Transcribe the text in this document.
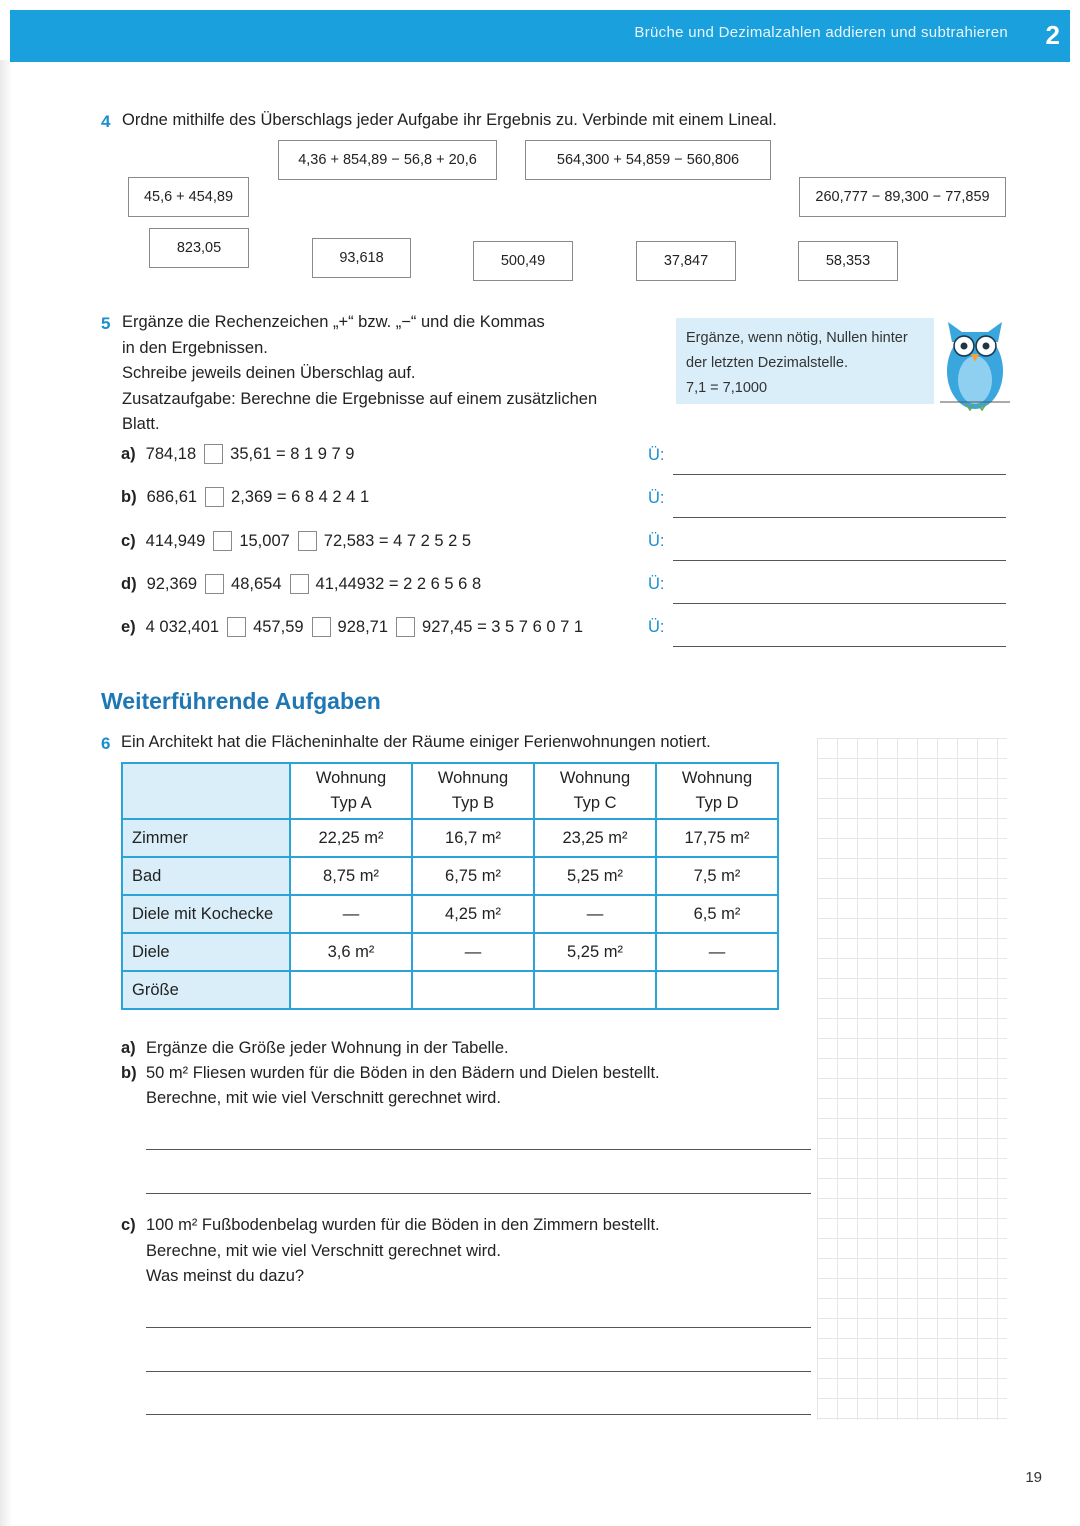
Brüche und Dezimalzahlen addieren und subtrahieren 2
4 Ordne mithilfe des Überschlags jeder Aufgabe ihr Ergebnis zu. Verbinde mit einem Lineal.
4,36 + 854,89 − 56,8 + 20,6	564,300 + 54,859 − 560,806
45,6 + 454,89	260,777 − 89,300 − 77,859
823,05
93,618	500,49	37,847	58,353
5 Ergänze die Rechenzeichen „+“ bzw. „−“ und die Kommas
in den Ergebnissen.
Schreibe jeweils deinen Überschlag auf.
Zusatzaufgabe: Berechne die Ergebnisse auf einem zusätzlichen
Blatt.
Ergänze, wenn nötig, Nullen hinter
der letzten Dezimalstelle.
7,1 = 7,1000
a) 784,18 35,61 = 8 1 9 7 9
b) 686,61 2,369 = 6 8 4 2 4 1
c) 414,949 15,007 72,583 = 4 7 2 5 2 5
d) 92,369 48,654 41,44932 = 2 2 6 5 6 8
e) 4 032,401 457,59 928,71 927,45 = 3 5 7 6 0 7 1
Ü:
Ü:
Ü:
Ü:
Ü:
Weiterführende Aufgaben
6 Ein Architekt hat die Flächeninhalte der Räume einiger Ferienwohnungen notiert.
	Wohnung
Typ A	Wohnung
Typ B	Wohnung
Typ C	Wohnung
Typ D
Zimmer	22,25 m²	16,7 m²	23,25 m²	17,75 m²
Bad	8,75 m²	6,75 m²	5,25 m²	7,5 m²
Diele mit Kochecke	—	4,25 m²	—	6,5 m²
Diele	3,6 m²	—	5,25 m²	—
Größe				
a) Ergänze die Größe jeder Wohnung in der Tabelle.
b) 50 m² Fliesen wurden für die Böden in den Bädern und Dielen bestellt.
Berechne, mit wie viel Verschnitt gerechnet wird.
c) 100 m² Fußbodenbelag wurden für die Böden in den Zimmern bestellt.
Berechne, mit wie viel Verschnitt gerechnet wird.
Was meinst du dazu?
19
